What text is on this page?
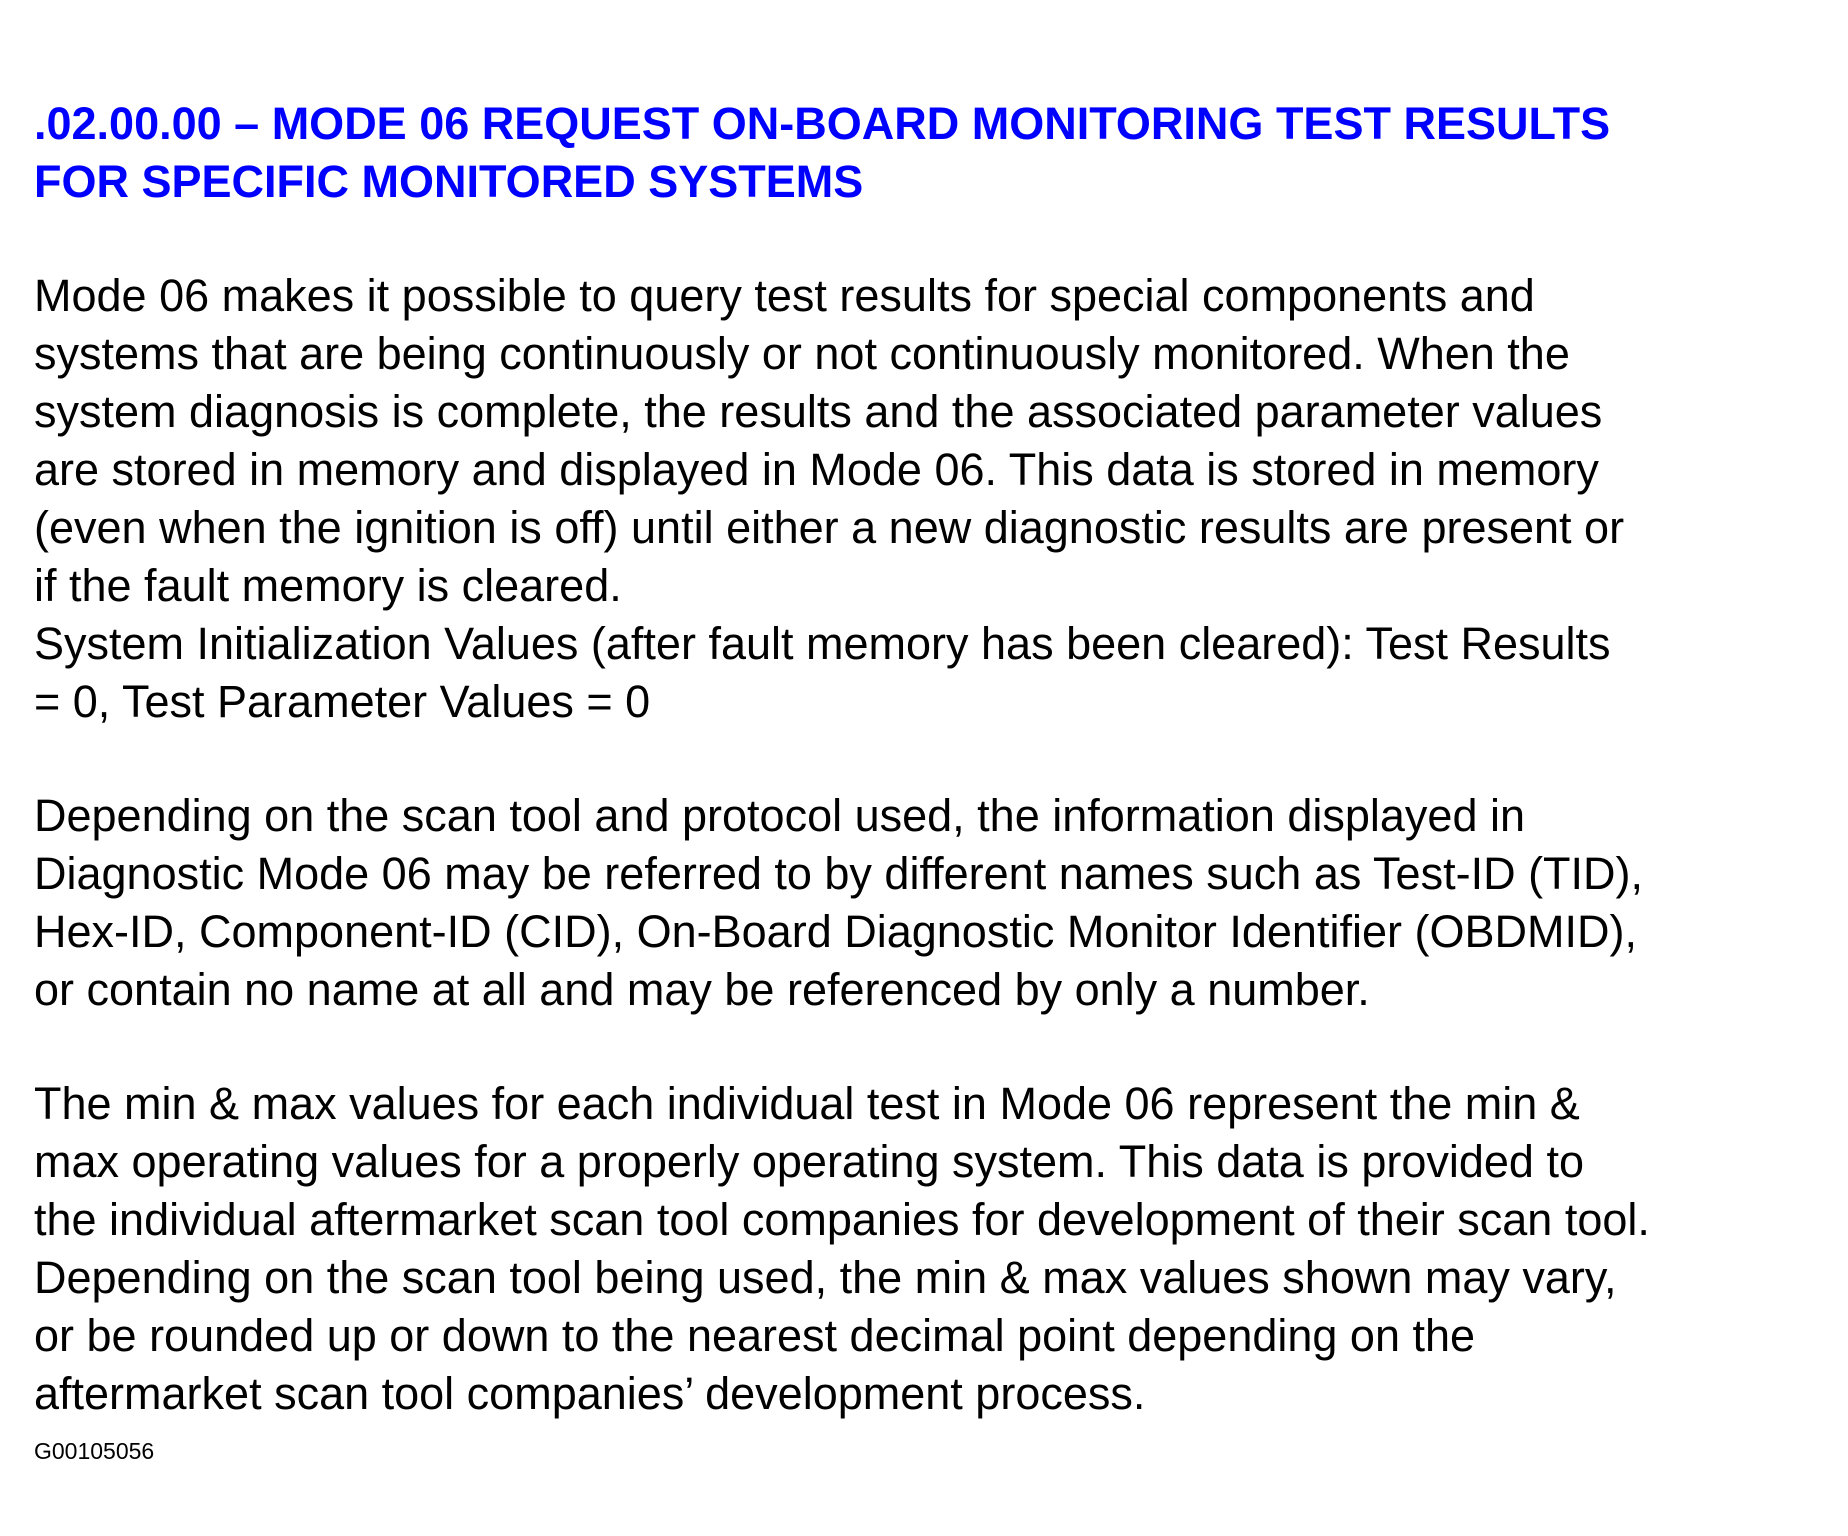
.02.00.00 – MODE 06 REQUEST ON-BOARD MONITORING TEST RESULTS
FOR SPECIFIC MONITORED SYSTEMS

Mode 06 makes it possible to query test results for special components and
systems that are being continuously or not continuously monitored. When the
system diagnosis is complete, the results and the associated parameter values
are stored in memory and displayed in Mode 06. This data is stored in memory
(even when the ignition is off) until either a new diagnostic results are present or
if the fault memory is cleared.
System Initialization Values (after fault memory has been cleared): Test Results
= 0, Test Parameter Values = 0

Depending on the scan tool and protocol used, the information displayed in
Diagnostic Mode 06 may be referred to by different names such as Test-ID (TID),
Hex-ID, Component-ID (CID), On-Board Diagnostic Monitor Identifier (OBDMID),
or contain no name at all and may be referenced by only a number.

The min & max values for each individual test in Mode 06 represent the min &
max operating values for a properly operating system. This data is provided to
the individual aftermarket scan tool companies for development of their scan tool.
Depending on the scan tool being used, the min & max values shown may vary,
or be rounded up or down to the nearest decimal point depending on the
aftermarket scan tool companies’ development process.

G00105056
